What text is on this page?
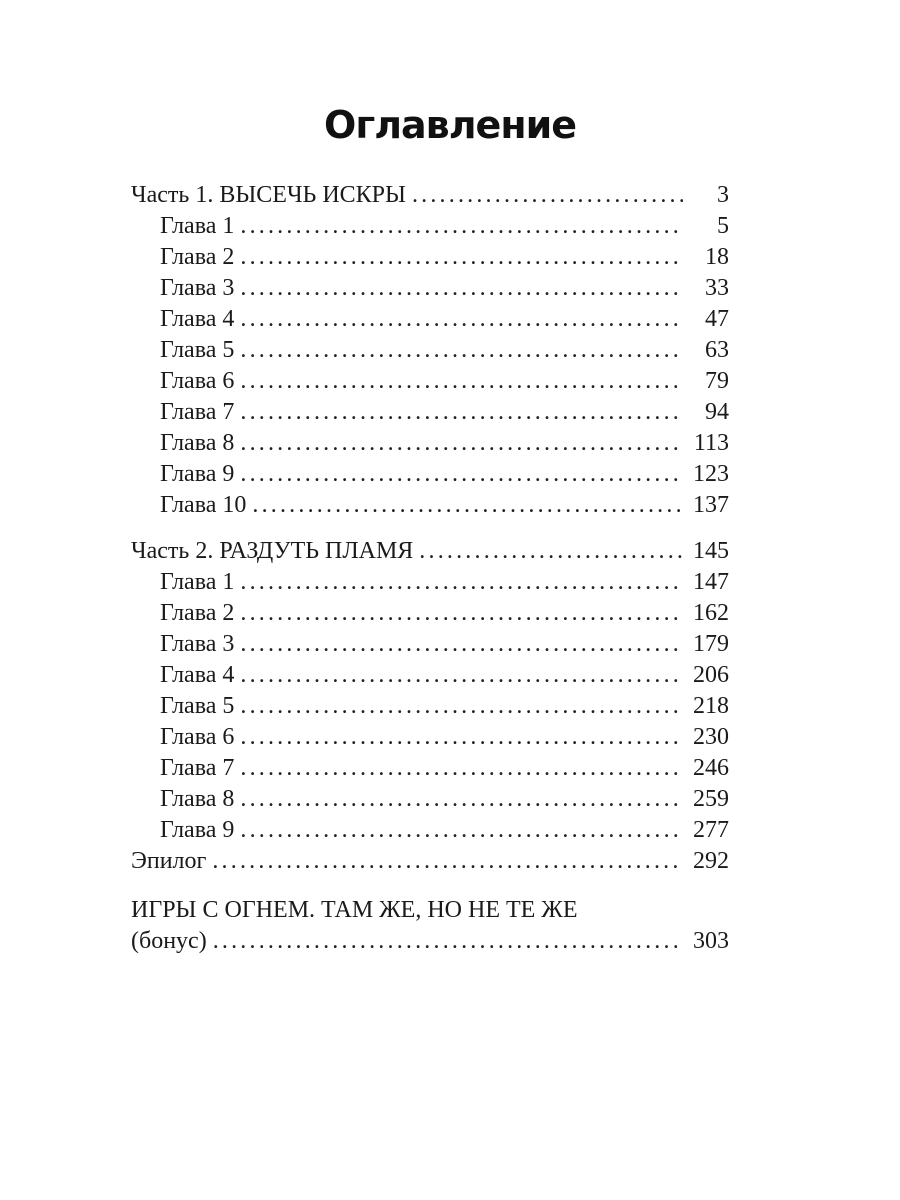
Оглавление
Часть 1. ВЫСЕЧЬ ИСКРЫ .....	3
Глава 1 .....	5
Глава 2 .....	18
Глава 3 .....	33
Глава 4 .....	47
Глава 5 .....	63
Глава 6 .....	79
Глава 7 .....	94
Глава 8 .....	113
Глава 9 .....	123
Глава 10 .....	137
Часть 2. РАЗДУТЬ ПЛАМЯ .....	145
Глава 1 .....	147
Глава 2 .....	162
Глава 3 .....	179
Глава 4 .....	206
Глава 5 .....	218
Глава 6 .....	230
Глава 7 .....	246
Глава 8 .....	259
Глава 9 .....	277
Эпилог .....	292
ИГРЫ С ОГНЕМ. ТАМ ЖЕ, НО НЕ ТЕ ЖЕ
(бонус) .....	303
